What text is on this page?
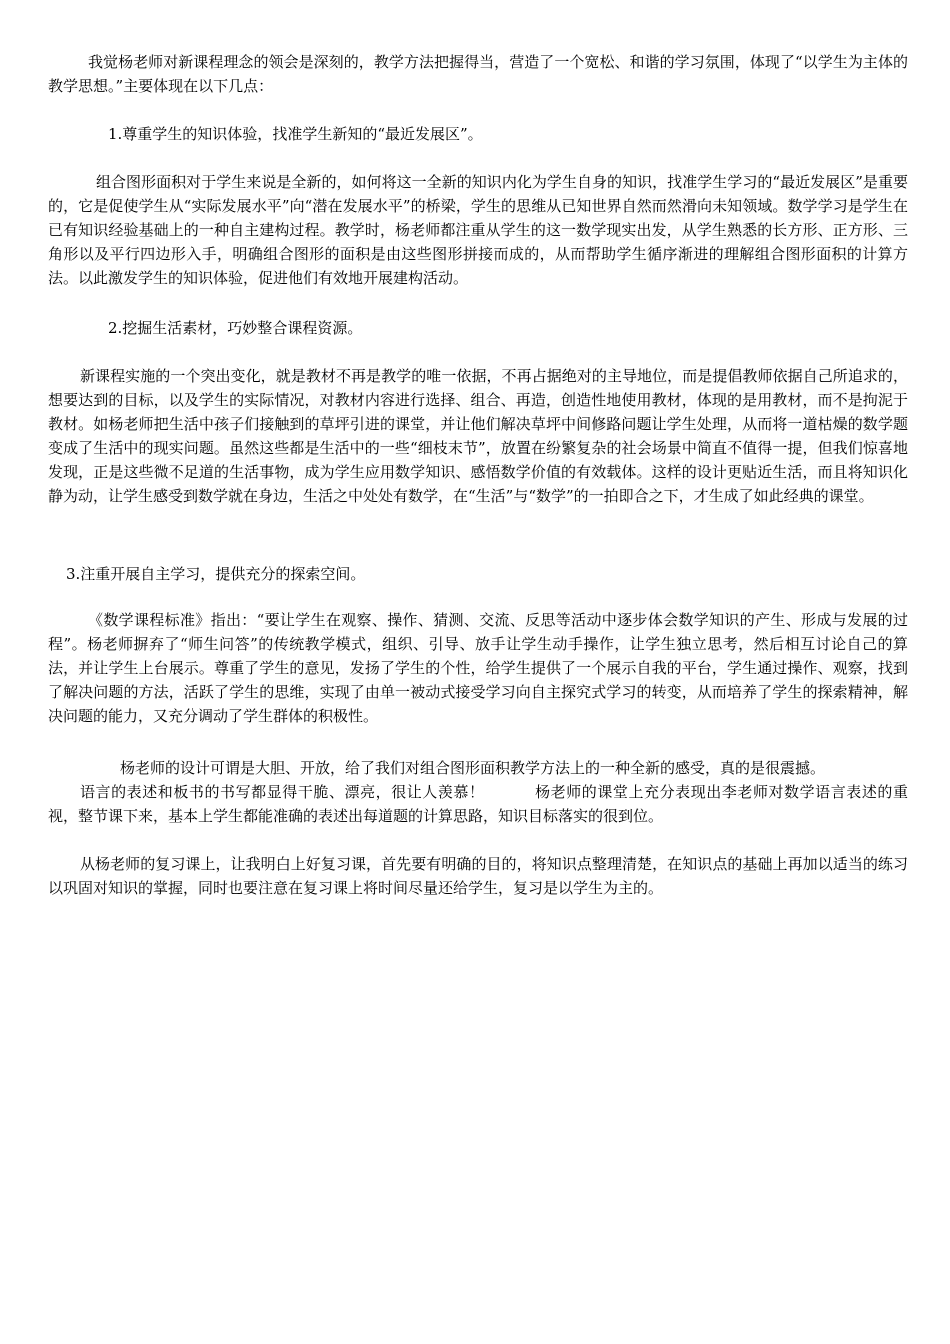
我觉杨老师对新课程理念的领会是深刻的，教学方法把握得当，营造了一个宽松、和谐的学习氛围，体现了“以学生为主体的教学思想。”主要体现在以下几点：

1.尊重学生的知识体验，找准学生新知的“最近发展区”。

组合图形面积对于学生来说是全新的，如何将这一全新的知识内化为学生自身的知识，找准学生学习的“最近发展区”是重要的，它是促使学生从“实际发展水平”向“潜在发展水平”的桥梁，学生的思维从已知世界自然而然滑向未知领域。数学学习是学生在已有知识经验基础上的一种自主建构过程。教学时，杨老师都注重从学生的这一数学现实出发，从学生熟悉的长方形、正方形、三角形以及平行四边形入手，明确组合图形的面积是由这些图形拼接而成的，从而帮助学生循序渐进的理解组合图形面积的计算方法。以此激发学生的知识体验，促进他们有效地开展建构活动。

2.挖掘生活素材，巧妙整合课程资源。

新课程实施的一个突出变化，就是教材不再是教学的唯一依据，不再占据绝对的主导地位，而是提倡教师依据自己所追求的，想要达到的目标，以及学生的实际情况，对教材内容进行选择、组合、再造，创造性地使用教材，体现的是用教材，而不是拘泥于教材。如杨老师把生活中孩子们接触到的草坪引进的课堂，并让他们解决草坪中间修路问题让学生处理，从而将一道枯燥的数学题变成了生活中的现实问题。虽然这些都是生活中的一些“细枝末节”，放置在纷繁复杂的社会场景中简直不值得一提，但我们惊喜地发现，正是这些微不足道的生活事物，成为学生应用数学知识、感悟数学价值的有效载体。这样的设计更贴近生活，而且将知识化静为动，让学生感受到数学就在身边，生活之中处处有数学，在“生活”与“数学”的一拍即合之下，才生成了如此经典的课堂。

3.注重开展自主学习，提供充分的探索空间。

《数学课程标准》指出：“要让学生在观察、操作、猜测、交流、反思等活动中逐步体会数学知识的产生、形成与发展的过程”。杨老师摒弃了“师生问答”的传统教学模式，组织、引导、放手让学生动手操作，让学生独立思考，然后相互讨论自己的算法，并让学生上台展示。尊重了学生的意见，发扬了学生的个性，给学生提供了一个展示自我的平台，学生通过操作、观察，找到了解决问题的方法，活跃了学生的思维，实现了由单一被动式接受学习向自主探究式学习的转变，从而培养了学生的探索精神，解决问题的能力，又充分调动了学生群体的积极性。

杨老师的设计可谓是大胆、开放，给了我们对组合图形面积教学方法上的一种全新的感受，真的是很震撼。

语言的表述和板书的书写都显得干脆、漂亮，很让人羡慕！	杨老师的课堂上充分表现出李老师对数学语言表述的重视，整节课下来，基本上学生都能准确的表述出每道题的计算思路，知识目标落实的很到位。

从杨老师的复习课上，让我明白上好复习课，首先要有明确的目的，将知识点整理清楚，在知识点的基础上再加以适当的练习以巩固对知识的掌握，同时也要注意在复习课上将时间尽量还给学生，复习是以学生为主的。
